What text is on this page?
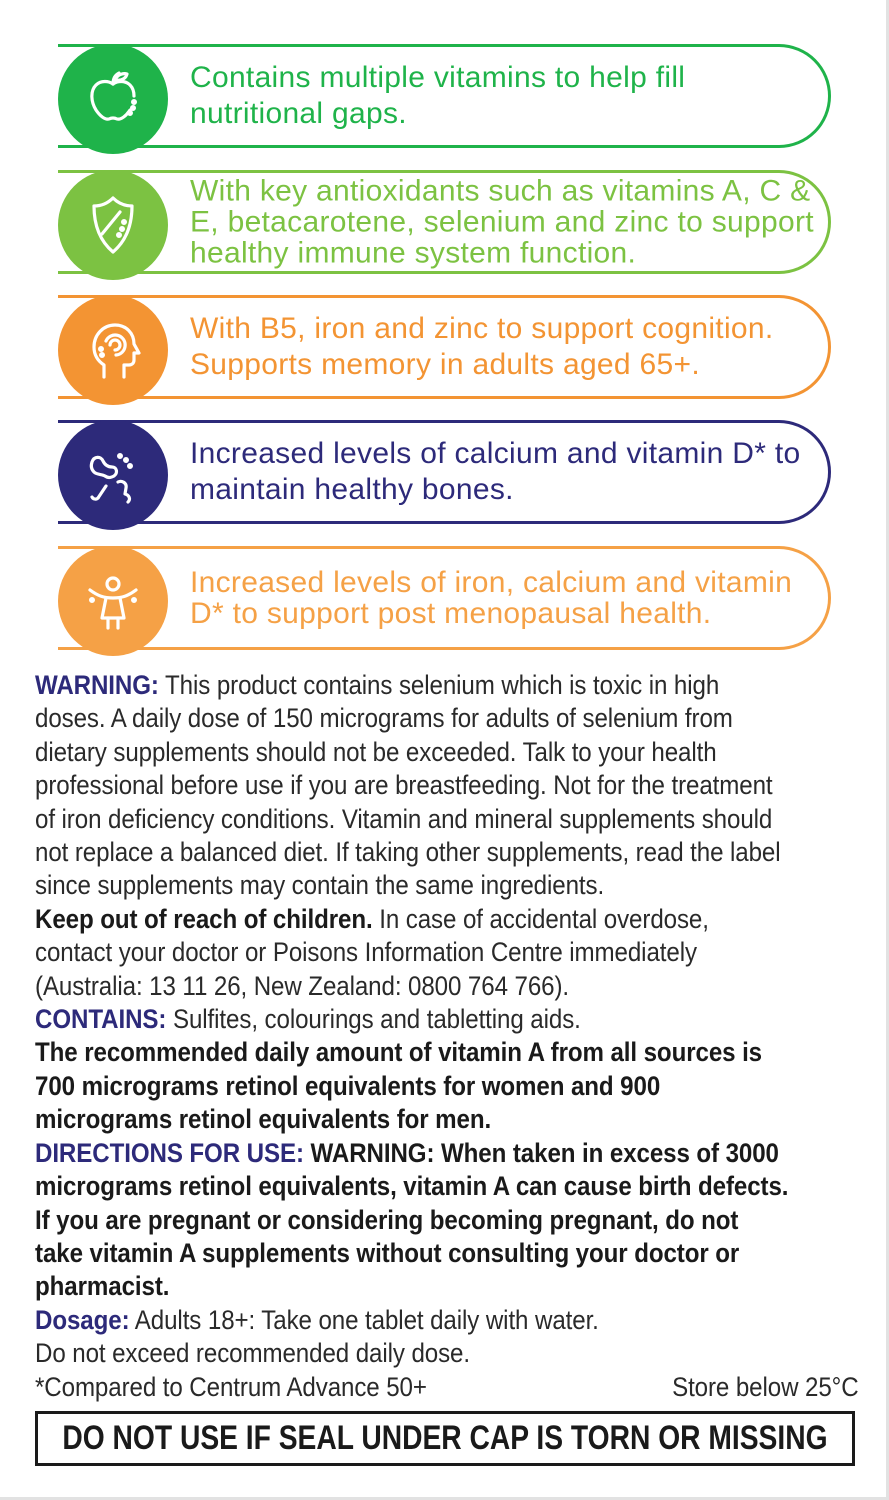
Contains multiple vitamins to help fill nutritional gaps.
With key antioxidants such as vitamins A, C & E, betacarotene, selenium and zinc to support healthy immune system function.
With B5, iron and zinc to support cognition. Supports memory in adults aged 65+.
Increased levels of calcium and vitamin D* to maintain healthy bones.
Increased levels of iron, calcium and vitamin D* to support post menopausal health.

WARNING: This product contains selenium which is toxic in high doses. A daily dose of 150 micrograms for adults of selenium from dietary supplements should not be exceeded. Talk to your health professional before use if you are breastfeeding. Not for the treatment of iron deficiency conditions. Vitamin and mineral supplements should not replace a balanced diet. If taking other supplements, read the label since supplements may contain the same ingredients.

Keep out of reach of children. In case of accidental overdose, contact your doctor or Poisons Information Centre immediately (Australia: 13 11 26, New Zealand: 0800 764 766).

CONTAINS: Sulfites, colourings and tabletting aids.

The recommended daily amount of vitamin A from all sources is 700 micrograms retinol equivalents for women and 900 micrograms retinol equivalents for men.

DIRECTIONS FOR USE: WARNING: When taken in excess of 3000 micrograms retinol equivalents, vitamin A can cause birth defects. If you are pregnant or considering becoming pregnant, do not take vitamin A supplements without consulting your doctor or pharmacist.

Dosage: Adults 18+: Take one tablet daily with water.

Do not exceed recommended daily dose.

*Compared to Centrum Advance 50+	Store below 25°C

DO NOT USE IF SEAL UNDER CAP IS TORN OR MISSING
